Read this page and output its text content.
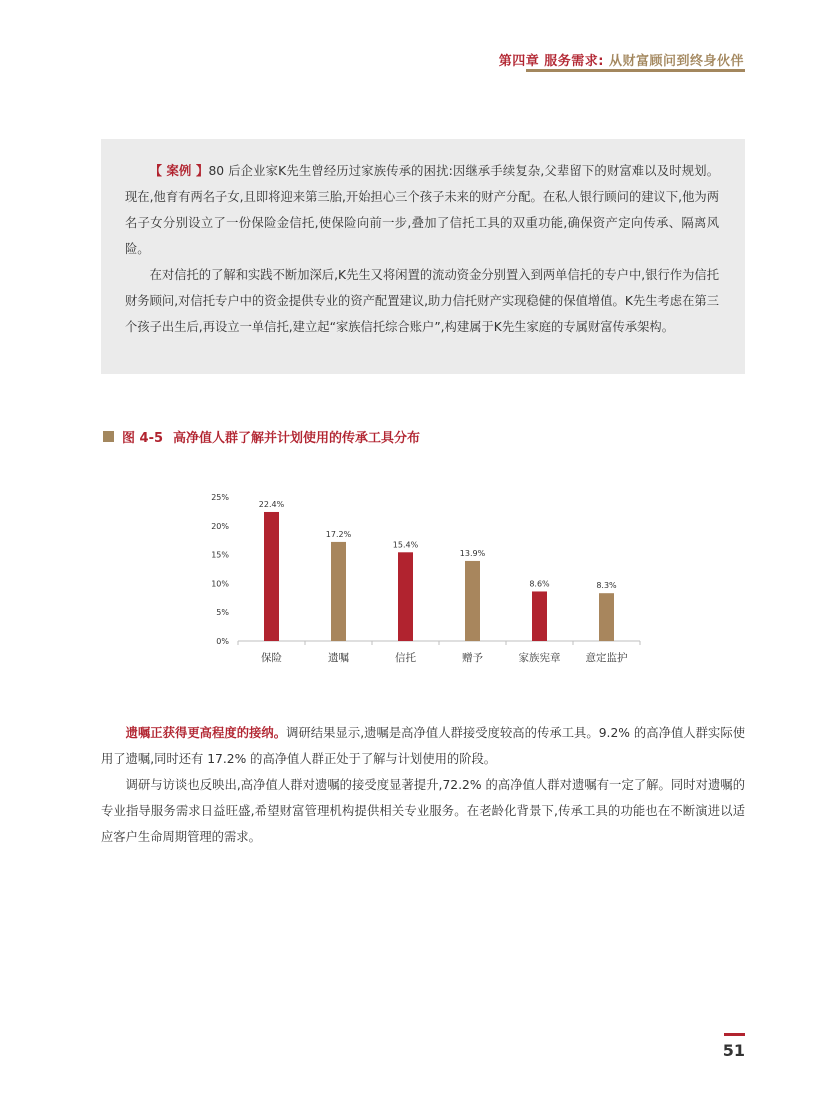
第四章 服务需求: 从财富顾问到终身伙伴

【 案例 】80 后企业家K先生曾经历过家族传承的困扰:因继承手续复杂,父辈留下的财富难以及时规划。现在,他育有两名子女,且即将迎来第三胎,开始担心三个孩子未来的财产分配。在私人银行顾问的建议下,他为两名子女分别设立了一份保险金信托,使保险向前一步,叠加了信托工具的双重功能,确保资产定向传承、隔离风险。

在对信托的了解和实践不断加深后,K先生又将闲置的流动资金分别置入到两单信托的专户中,银行作为信托财务顾问,对信托专户中的资金提供专业的资产配置建议,助力信托财产实现稳健的保值增值。K先生考虑在第三个孩子出生后,再设立一单信托,建立起“家族信托综合账户”,构建属于K先生家庭的专属财富传承架构。

图 4-5 高净值人群了解并计划使用的传承工具分布
0%
5%
10%
15%
20%
25%
22.4%
保险
17.2%
遗嘱
15.4%
信托
13.9%
赠予
8.6%
家族宪章
8.3%
意定监护

遗嘱正获得更高程度的接纳。调研结果显示,遗嘱是高净值人群接受度较高的传承工具。9.2% 的高净值人群实际使用了遗嘱,同时还有 17.2% 的高净值人群正处于了解与计划使用的阶段。

调研与访谈也反映出,高净值人群对遗嘱的接受度显著提升,72.2% 的高净值人群对遗嘱有一定了解。同时对遗嘱的专业指导服务需求日益旺盛,希望财富管理机构提供相关专业服务。在老龄化背景下,传承工具的功能也在不断演进以适应客户生命周期管理的需求。

51
